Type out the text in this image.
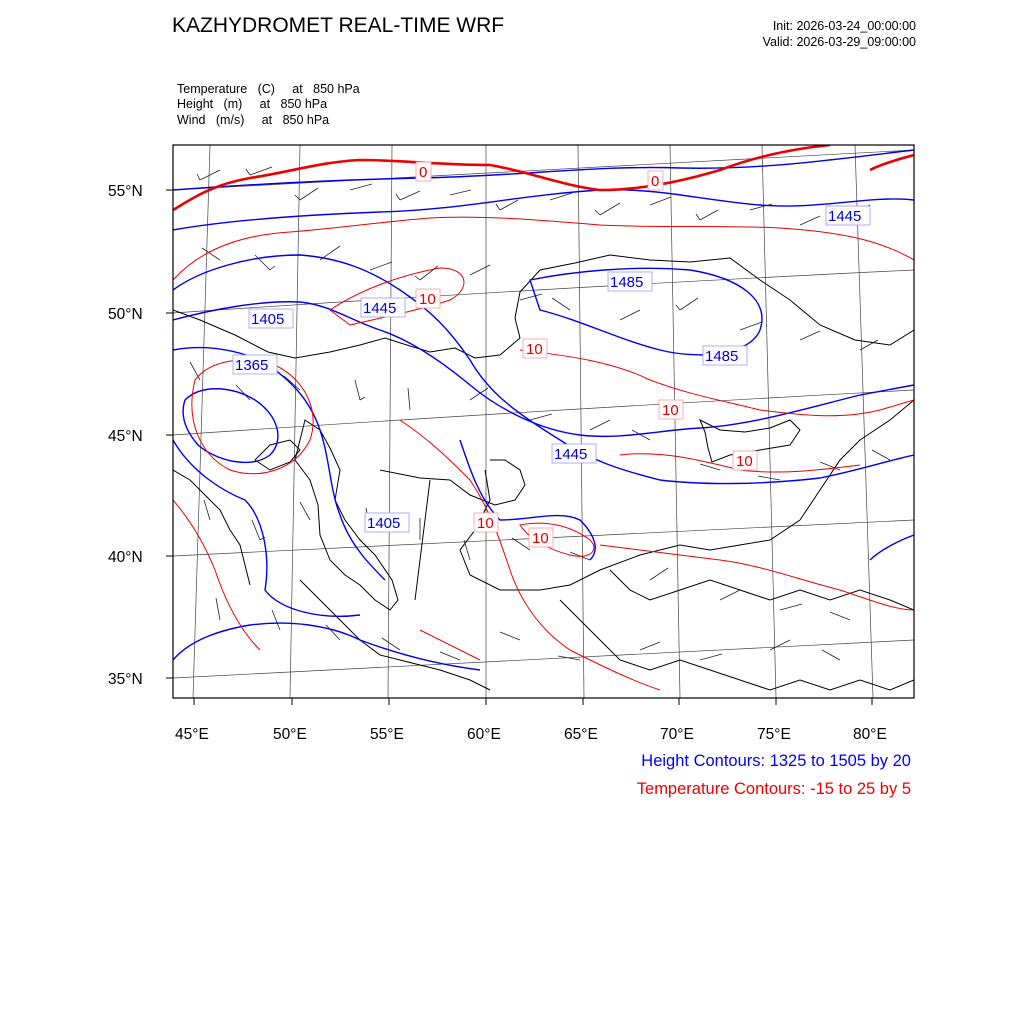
KAZHYDROMET REAL-TIME WRF	Init: 2026-03-24_00:00:00
Valid: 2026-03-29_09:00:00
Temperature   (C)     at   850 hPa
Height   (m)     at   850 hPa
Wind   (m/s)     at   850 hPa
55°N
50°N
45°N
40°N
35°N
45°E	50°E	55°E	60°E	65°E	70°E	75°E	80°E
1445
1485
1485
1405
1445
1365
1445
1405
0
0
10
10
10
10
10
10
Height Contours: 1325 to 1505 by 20
Temperature Contours: -15 to 25 by 5
